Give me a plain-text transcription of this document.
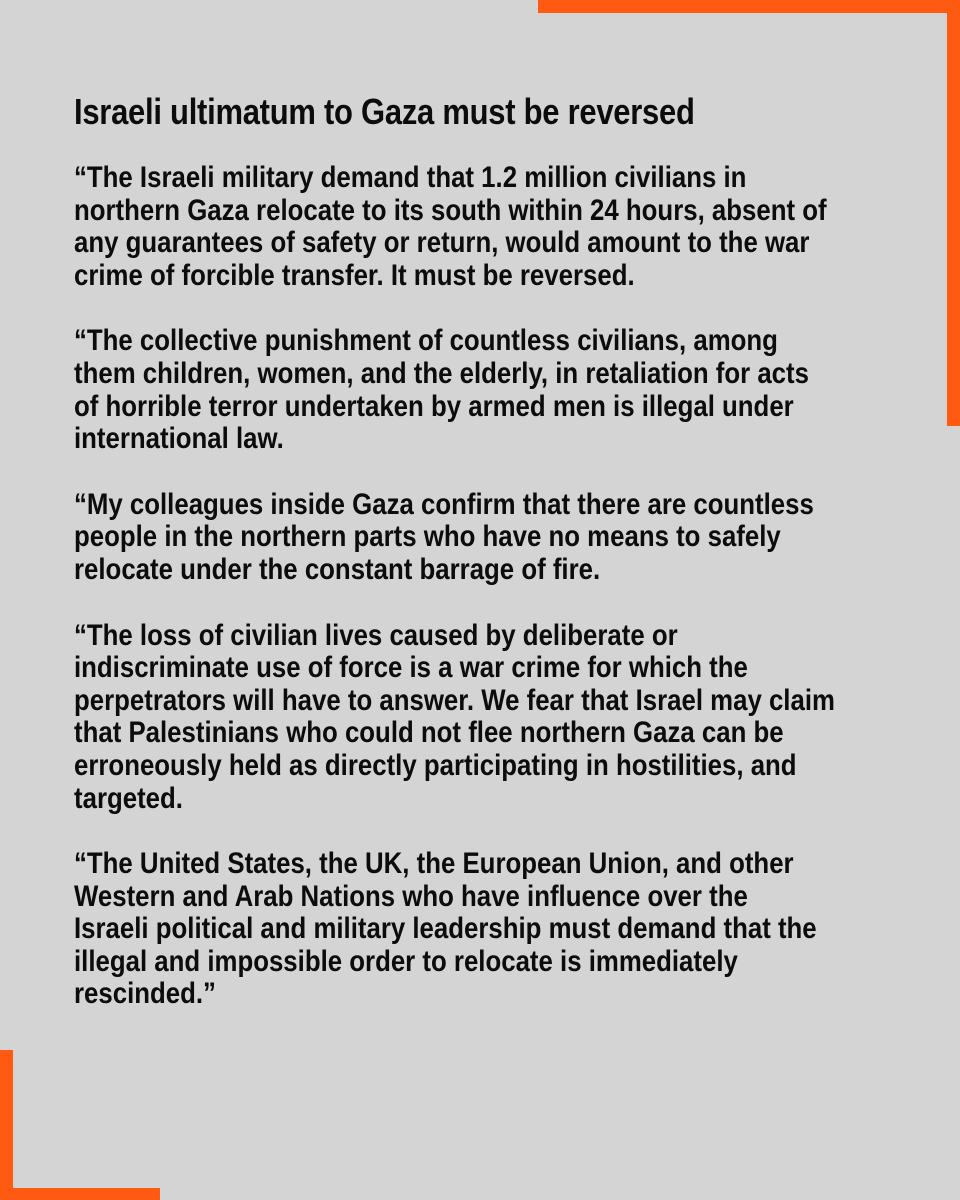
Israeli ultimatum to Gaza must be reversed

“The Israeli military demand that 1.2 million civilians in
northern Gaza relocate to its south within 24 hours, absent of
any guarantees of safety or return, would amount to the war
crime of forcible transfer. It must be reversed.

“The collective punishment of countless civilians, among
them children, women, and the elderly, in retaliation for acts
of horrible terror undertaken by armed men is illegal under
international law.

“My colleagues inside Gaza confirm that there are countless
people in the northern parts who have no means to safely
relocate under the constant barrage of fire.

“The loss of civilian lives caused by deliberate or
indiscriminate use of force is a war crime for which the
perpetrators will have to answer. We fear that Israel may claim
that Palestinians who could not flee northern Gaza can be
erroneously held as directly participating in hostilities, and
targeted.

“The United States, the UK, the European Union, and other
Western and Arab Nations who have influence over the
Israeli political and military leadership must demand that the
illegal and impossible order to relocate is immediately
rescinded.”
